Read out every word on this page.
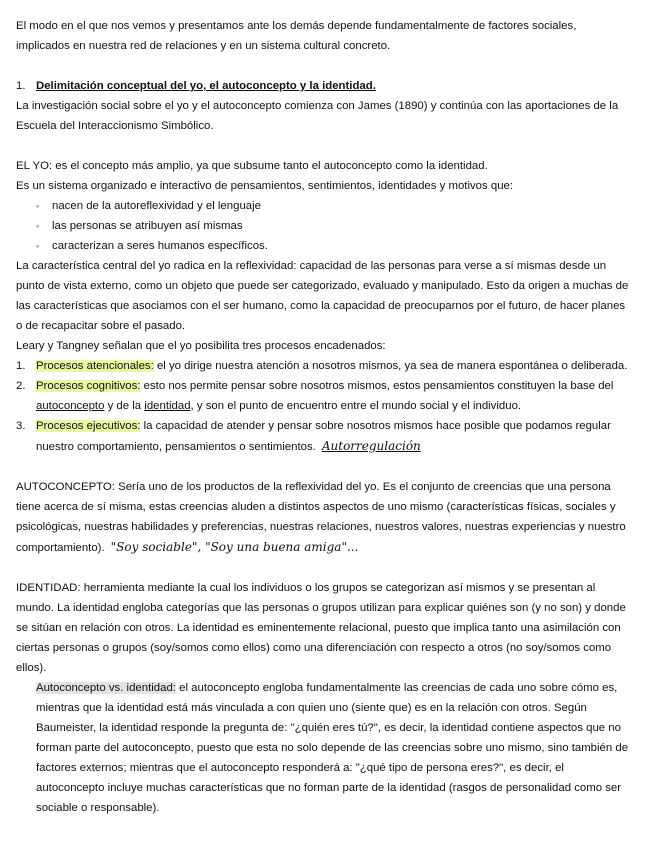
El modo en el que nos vemos y presentamos ante los demás depende fundamentalmente de factores sociales, implicados en nuestra red de relaciones y en un sistema cultural concreto.

1. Delimitación conceptual del yo, el autoconcepto y la identidad.

La investigación social sobre el yo y el autoconcepto comienza con James (1890) y continúa con las aportaciones de la Escuela del Interaccionismo Simbólico.

EL YO: es el concepto más amplio, ya que subsume tanto el autoconcepto como la identidad.

Es un sistema organizado e interactivo de pensamientos, sentimientos, identidades y motivos que:

◦ nacen de la autoreflexividad y el lenguaje
◦ las personas se atribuyen así mismas
◦ caracterizan a seres humanos específicos.

La característica central del yo radica en la reflexividad: capacidad de las personas para verse a sí mismas desde un punto de vista externo, como un objeto que puede ser categorizado, evaluado y manipulado. Esto da origen a muchas de las características que asociamos con el ser humano, como la capacidad de preocuparnos por el futuro, de hacer planes o de recapacitar sobre el pasado.

Leary y Tangney señalan que el yo posibilita tres procesos encadenados:

1. Procesos atencionales: el yo dirige nuestra atención a nosotros mismos, ya sea de manera espontánea o deliberada.
2. Procesos cognitivos: esto nos permite pensar sobre nosotros mismos, estos pensamientos constituyen la base del autoconcepto y de la identidad, y son el punto de encuentro entre el mundo social y el individuo.
3. Procesos ejecutivos: la capacidad de atender y pensar sobre nosotros mismos hace posible que podamos regular nuestro comportamiento, pensamientos o sentimientos. Autorregulación

AUTOCONCEPTO: Sería uno de los productos de la reflexividad del yo. Es el conjunto de creencias que una persona tiene acerca de sí misma, estas creencias aluden a distintos aspectos de uno mismo (características físicas, sociales y psicológicas, nuestras habilidades y preferencias, nuestras relaciones, nuestros valores, nuestras experiencias y nuestro comportamiento). "Soy sociable", "Soy una buena amiga"...

IDENTIDAD: herramienta mediante la cual los individuos o los grupos se categorizan así mismos y se presentan al mundo. La identidad engloba categorías que las personas o grupos utilizan para explicar quiénes son (y no son) y donde se sitúan en relación con otros. La identidad es eminentemente relacional, puesto que implica tanto una asimilación con ciertas personas o grupos (soy/somos como ellos) como una diferenciación con respecto a otros (no soy/somos como ellos).

Autoconcepto vs. identidad: el autoconcepto engloba fundamentalmente las creencias de cada uno sobre cómo es, mientras que la identidad está más vinculada a con quien uno (siente que) es en la relación con otros. Según Baumeister, la identidad responde la pregunta de: "¿quién eres tú?", es decir, la identidad contiene aspectos que no forman parte del autoconcepto, puesto que esta no solo depende de las creencias sobre uno mismo, sino también de factores externos; mientras que el autoconcepto responderá a: "¿qué tipo de persona eres?", es decir, el autoconcepto incluye muchas características que no forman parte de la identidad (rasgos de personalidad como ser sociable o responsable).
